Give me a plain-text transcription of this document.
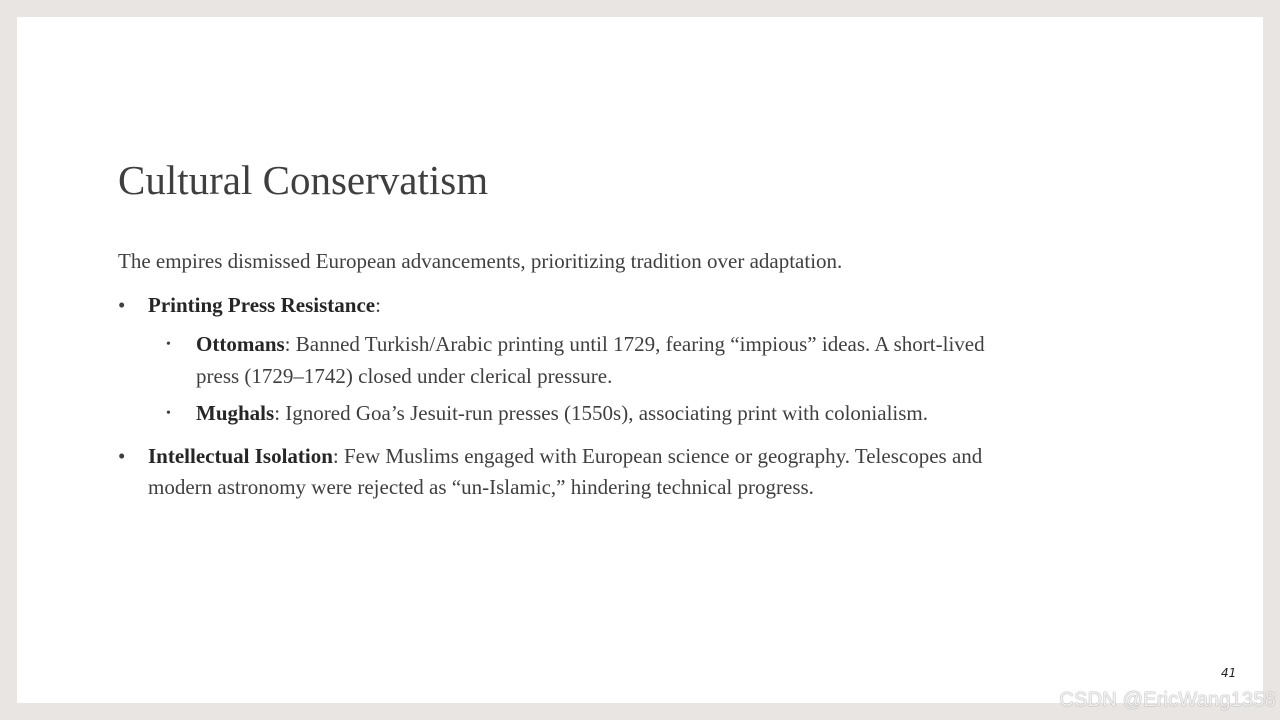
Cultural Conservatism

The empires dismissed European advancements, prioritizing tradition over adaptation.

•	Printing Press Resistance:
• Ottomans: Banned Turkish/Arabic printing until 1729, fearing “impious” ideas. A short-lived press (1729–1742) closed under clerical pressure.
• Mughals: Ignored Goa’s Jesuit-run presses (1550s), associating print with colonialism.
•	Intellectual Isolation: Few Muslims engaged with European science or geography. Telescopes and modern astronomy were rejected as “un-Islamic,” hindering technical progress.
41
CSDN @EricWang1358
